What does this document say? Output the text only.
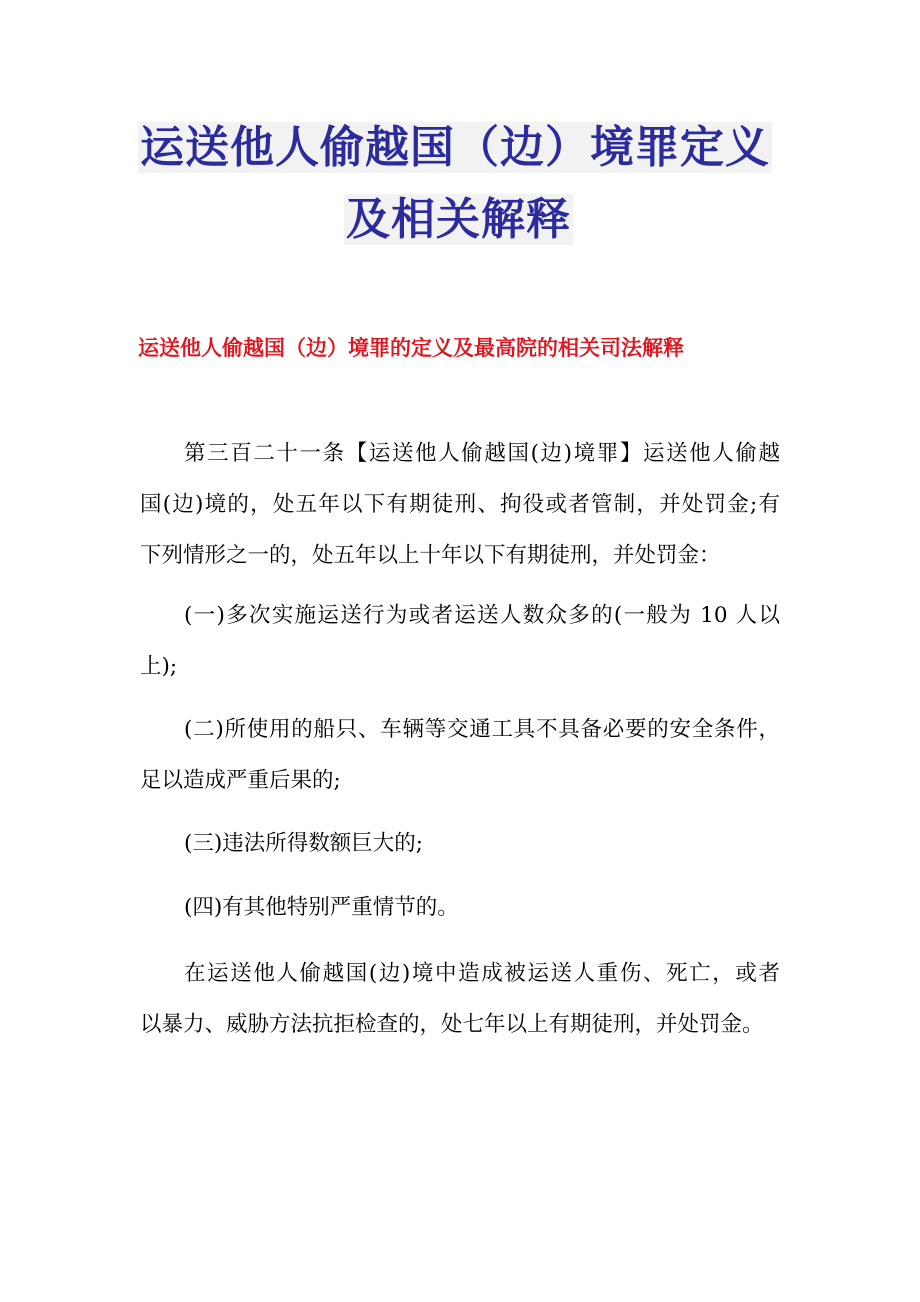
运送他人偷越国（边）境罪定义
及相关解释
运送他人偷越国（边）境罪的定义及最高院的相关司法解释
第三百二十一条【运送他人偷越国(边)境罪】运送他人偷越
国(边)境的，处五年以下有期徒刑、拘役或者管制，并处罚金;有
下列情形之一的，处五年以上十年以下有期徒刑，并处罚金：
(一)多次实施运送行为或者运送人数众多的(一般为 10 人以
上);
(二)所使用的船只、车辆等交通工具不具备必要的安全条件，
足以造成严重后果的;
(三)违法所得数额巨大的;
(四)有其他特别严重情节的。
在运送他人偷越国(边)境中造成被运送人重伤、死亡，或者
以暴力、威胁方法抗拒检查的，处七年以上有期徒刑，并处罚金。
